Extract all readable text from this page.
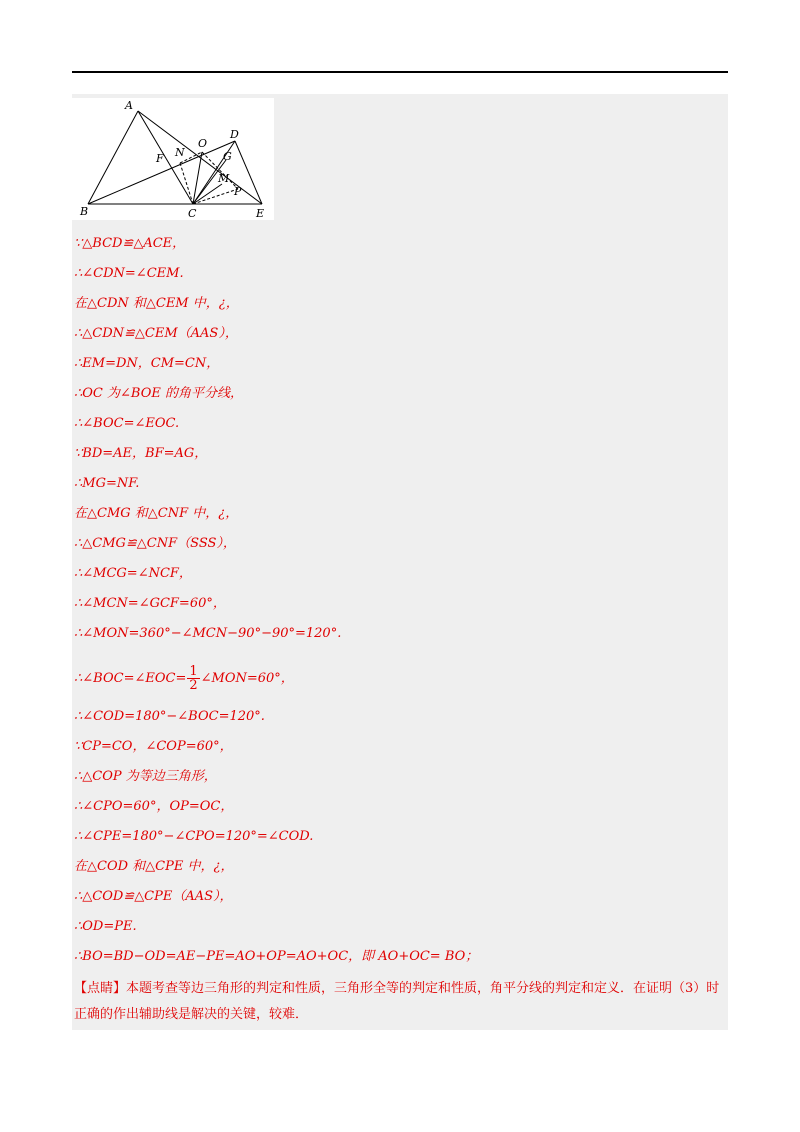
A
B	C
D
E
F N
O
G
M
P
∵△BCD≌△ACE，
∴∠CDN=∠CEM.
在△CDN 和△CEM 中，¿，
∴△CDN≌△CEM（AAS），
∴EM=DN，CM=CN，
∴OC 为∠BOE 的角平分线，
∴∠BOC=∠EOC.
∵BD=AE，BF=AG，
∴MG=NF.
在△CMG 和△CNF 中，¿，
∴△CMG≌△CNF（SSS），
∴∠MCG=∠NCF，
∴∠MCN=∠GCF=60°，
∴∠MON=360°−∠MCN−90°−90°=120°.
∴∠BOC=∠EOC= $\frac{1}{2}$ ∠MON=60°，
∴∠COD=180°−∠BOC=120°.
∵CP=CO，∠COP=60°，
∴△COP 为等边三角形，
∴∠CPO=60°，OP=OC，
∴∠CPE=180°−∠CPO=120°=∠COD.
在△COD 和△CPE 中，¿，
∴△COD≌△CPE（AAS），
∴OD=PE.
∴BO=BD−OD=AE−PE=AO+OP=AO+OC，即 AO+OC= BO；
【点睛】本题考查等边三角形的判定和性质，三角形全等的判定和性质，角平分线的判定和定义．在证明（3）时正确的作出辅助线是解决的关键，较难．
